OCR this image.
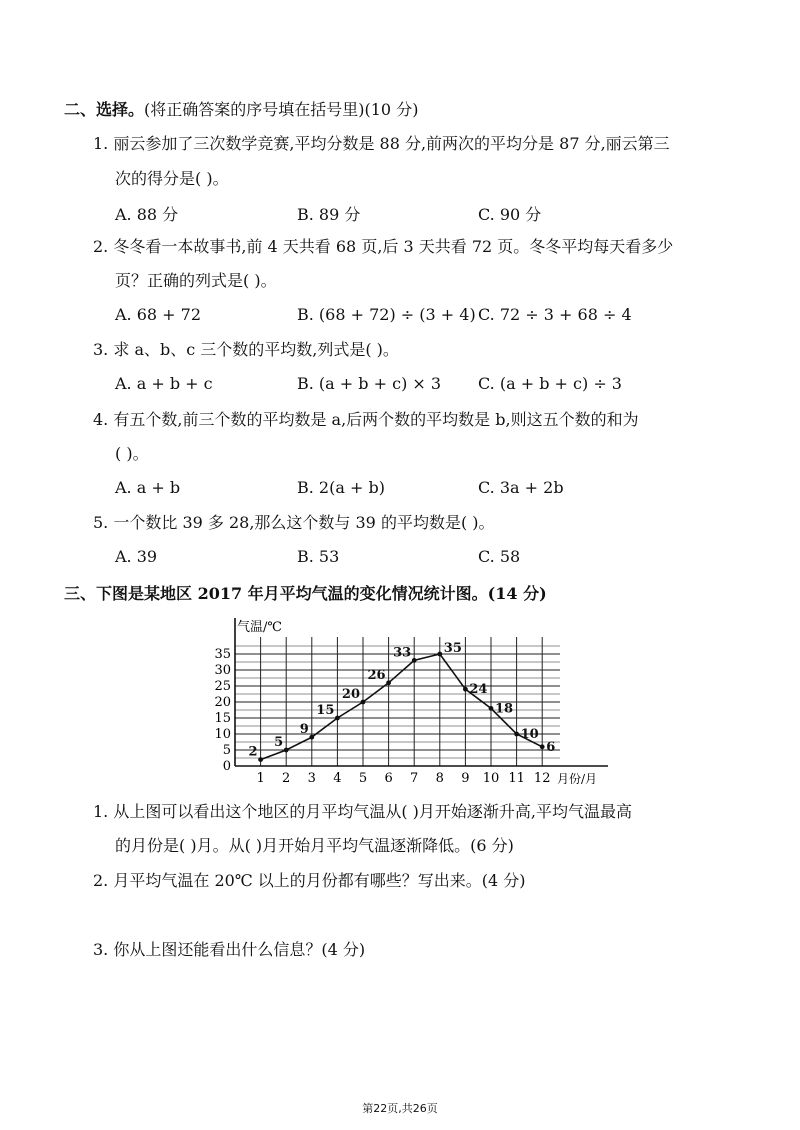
二、选择。(将正确答案的序号填在括号里)(10 分)
1. 丽云参加了三次数学竞赛,平均分数是 88 分,前两次的平均分是 87 分,丽云第三
次的得分是( )。
A. 88 分	B. 89 分	C. 90 分
2. 冬冬看一本故事书,前 4 天共看 68 页,后 3 天共看 72 页。冬冬平均每天看多少
页？正确的列式是( )。
A. 68 + 72	B. (68 + 72) ÷ (3 + 4) C. 72 ÷ 3 + 68 ÷ 4
3. 求 a、b、c 三个数的平均数,列式是( )。
A. a + b + c	B. (a + b + c) × 3 C. (a + b + c) ÷ 3
4. 有五个数,前三个数的平均数是 a,后两个数的平均数是 b,则这五个数的和为
( )。
A. a + b	B. 2(a + b)	C. 3a + 2b
5. 一个数比 39 多 28,那么这个数与 39 的平均数是( )。
A. 39	B. 53	C. 58
三、下图是某地区 2017 年月平均气温的变化情况统计图。(14 分)
0
5
10
15
20
25
30
35
1 2 3 4 5 6 7 8 9 10 11 12
2
5
9
15
20
26
33	35
24
18
10
6
气温/℃
月份/月
1. 从上图可以看出这个地区的月平均气温从( )月开始逐渐升高,平均气温最高
的月份是( )月。从( )月开始月平均气温逐渐降低。(6 分)
2. 月平均气温在 20℃ 以上的月份都有哪些？写出来。(4 分)
3. 你从上图还能看出什么信息？(4 分)
第22页,共26页
